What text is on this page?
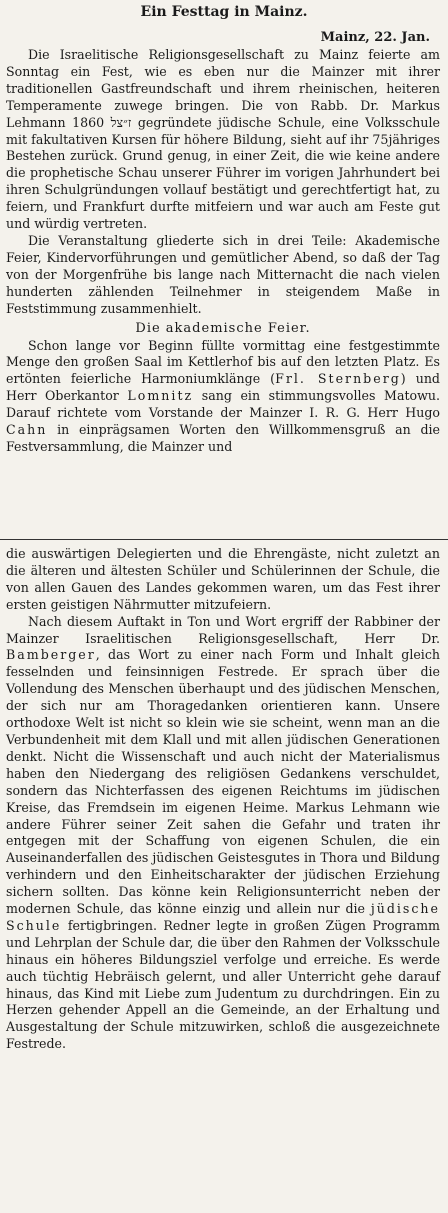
Ein Festtag in Mainz.
Mainz, 22. Jan.

Die Israelitische Religionsgesellschaft zu Mainz feierte am Sonntag ein Fest, wie es eben nur die Mainzer mit ihrer traditionellen Gastfreundschaft und ihrem rheinischen, heiteren Temperamente zuwege bringen. Die von Rabb. Dr. Markus Lehmann ז״צל 1860 gegründete jüdische Schule, eine Volksschule mit fakultativen Kursen für höhere Bildung, sieht auf ihr 75jähriges Bestehen zurück. Grund genug, in einer Zeit, die wie keine andere die prophetische Schau unserer Führer im vorigen Jahrhundert bei ihren Schulgründungen vollauf bestätigt und gerechtfertigt hat, zu feiern, und Frankfurt durfte mitfeiern und war auch am Feste gut und würdig vertreten.

Die Veranstaltung gliederte sich in drei Teile: Akademische Feier, Kindervorführungen und gemütlicher Abend, so daß der Tag von der Morgenfrühe bis lange nach Mitternacht die nach vielen hunderten zählenden Teilnehmer in steigendem Maße in Feststimmung zusammenhielt.

Die akademische Feier.

Schon lange vor Beginn füllte vormittag eine festgestimmte Menge den großen Saal im Kettlerhof bis auf den letzten Platz. Es ertönten feierliche Harmoniumklänge (Frl. Sternberg) und Herr Oberkantor Lomnitz sang ein stimmungsvolles Matowu. Darauf richtete vom Vorstande der Mainzer I. R. G. Herr Hugo Cahn in einprägsamen Worten den Willkommensgruß an die Festversammlung, die Mainzer und

die auswärtigen Delegierten und die Ehrengäste, nicht zuletzt an die älteren und ältesten Schüler und Schülerinnen der Schule, die von allen Gauen des Landes gekommen waren, um das Fest ihrer ersten geistigen Nährmutter mitzufeiern.

Nach diesem Auftakt in Ton und Wort ergriff der Rabbiner der Mainzer Israelitischen Religionsgesellschaft, Herr Dr. Bamberger, das Wort zu einer nach Form und Inhalt gleich fesselnden und feinsinnigen Festrede. Er sprach über die Vollendung des Menschen überhaupt und des jüdischen Menschen, der sich nur am Thoragedanken orientieren kann. Unsere orthodoxe Welt ist nicht so klein wie sie scheint, wenn man an die Verbundenheit mit dem Klall und mit allen jüdischen Generationen denkt. Nicht die Wissenschaft und auch nicht der Materialismus haben den Niedergang des religiösen Gedankens verschuldet, sondern das Nichterfassen des eigenen Reichtums im jüdischen Kreise, das Fremdsein im eigenen Heime. Markus Lehmann wie andere Führer seiner Zeit sahen die Gefahr und traten ihr entgegen mit der Schaffung von eigenen Schulen, die ein Auseinanderfallen des jüdischen Geistesgutes in Thora und Bildung verhindern und den Einheitscharakter der jüdischen Erziehung sichern sollten. Das könne kein Religionsunterricht neben der modernen Schule, das könne einzig und allein nur die jüdische Schule fertigbringen. Redner legte in großen Zügen Programm und Lehrplan der Schule dar, die über den Rahmen der Volksschule hinaus ein höheres Bildungsziel verfolge und erreiche. Es werde auch tüchtig Hebräisch gelernt, und aller Unterricht gehe darauf hinaus, das Kind mit Liebe zum Judentum zu durchdringen. Ein zu Herzen gehender Appell an die Gemeinde, an der Erhaltung und Ausgestaltung der Schule mitzuwirken, schloß die ausgezeichnete Festrede.
